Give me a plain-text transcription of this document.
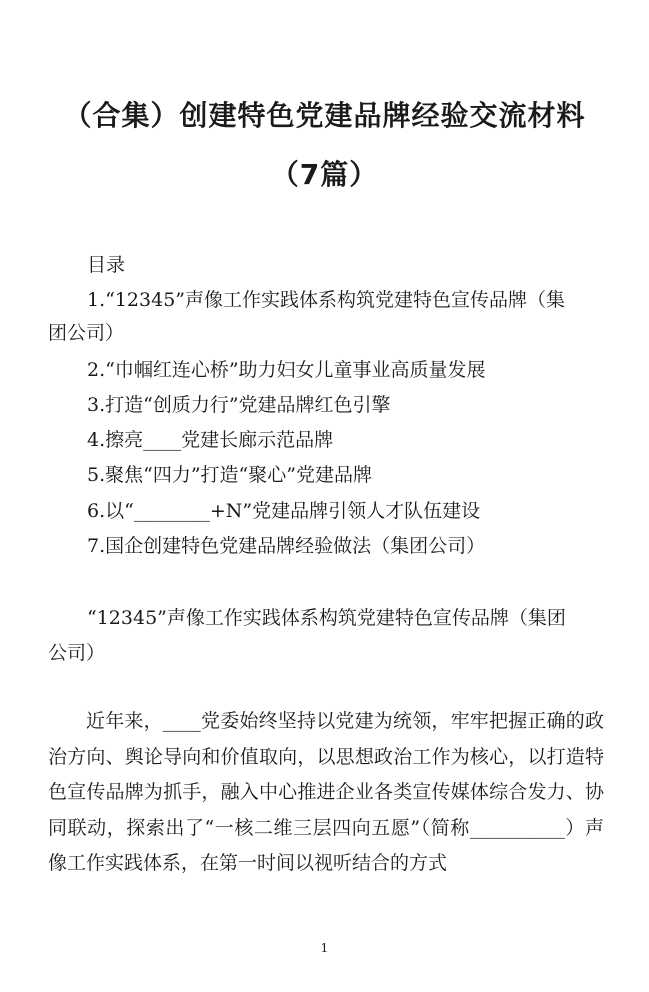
（合集）创建特色党建品牌经验交流材料
（7篇）
目录
1.“12345”声像工作实践体系构筑党建特色宣传品牌（集
团公司）
2.“巾帼红连心桥”助力妇女儿童事业高质量发展
3.打造“创质力行”党建品牌红色引擎
4.擦亮____党建长廊示范品牌
5.聚焦“四力”打造“聚心”党建品牌
6.以“________+N”党建品牌引领人才队伍建设
7.国企创建特色党建品牌经验做法（集团公司）
“12345”声像工作实践体系构筑党建特色宣传品牌（集团
公司）
近年来，____党委始终坚持以党建为统领，牢牢把握正确的政治方向、舆论导向和价值取向，以思想政治工作为核心，以打造特色宣传品牌为抓手，融入中心推进企业各类宣传媒体综合发力、协同联动，探索出了“一核二维三层四向五愿”（简称__________）声像工作实践体系，在第一时间以视听结合的方式
1
